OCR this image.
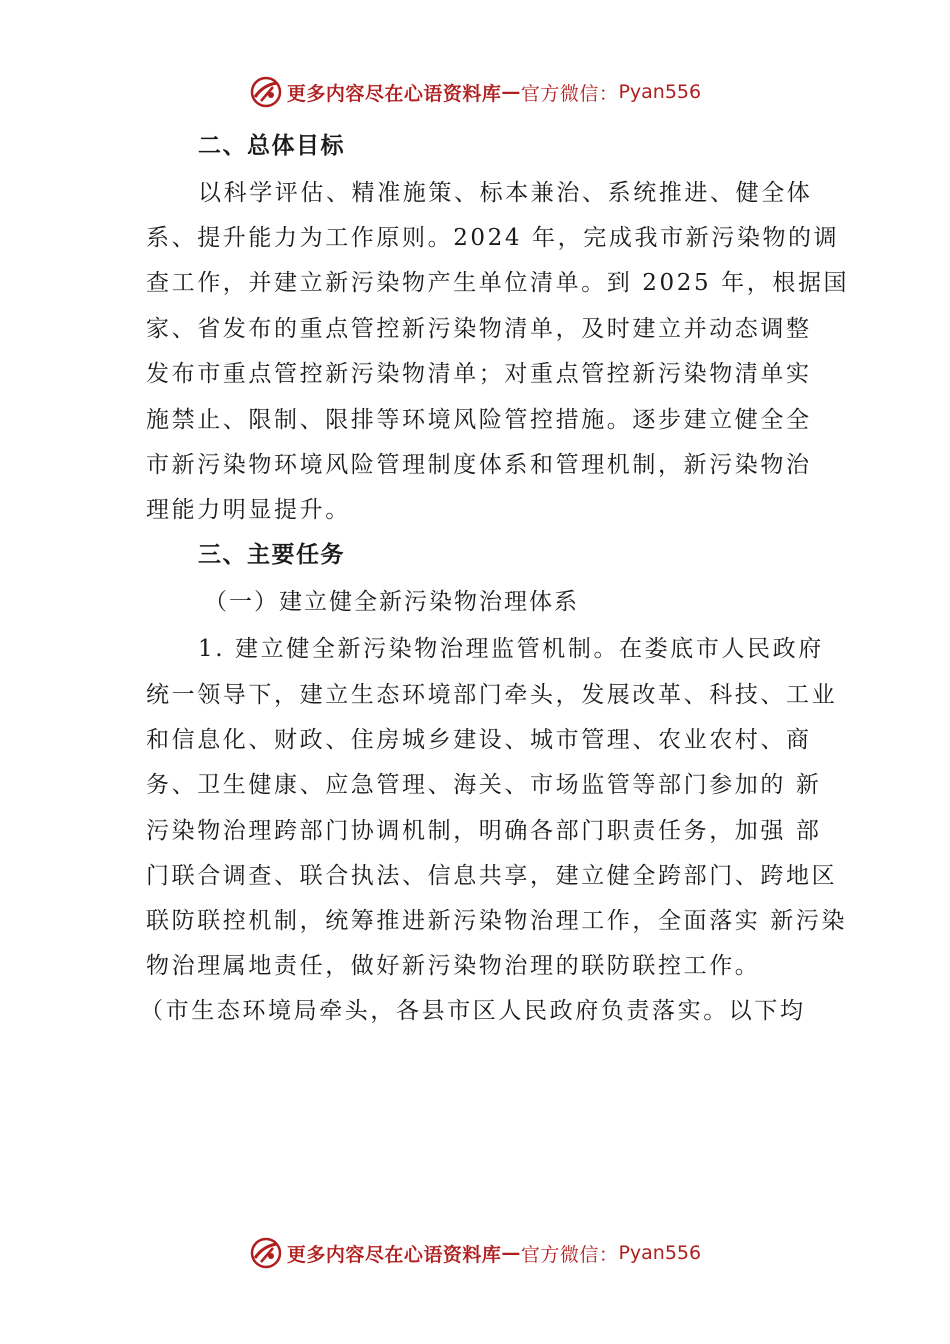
更多内容尽在心语资料库 — 官方微信： Pyan556
二、总体目标
以科学评估、精准施策、标本兼治、系统推进、健全体
系、提升能力为工作原则。2024 年，完成我市新污染物的调
查工作，并建立新污染物产生单位清单。到 2025 年，根据国
家、省发布的重点管控新污染物清单，及时建立并动态调整
发布市重点管控新污染物清单；对重点管控新污染物清单实
施禁止、限制、限排等环境风险管控措施。逐步建立健全全
市新污染物环境风险管理制度体系和管理机制，新污染物治
理能力明显提升。
三、主要任务
（一）建立健全新污染物治理体系
1. 建立健全新污染物治理监管机制。在娄底市人民政府
统一领导下，建立生态环境部门牵头，发展改革、科技、工业
和信息化、财政、住房城乡建设、城市管理、农业农村、商
务、卫生健康、应急管理、海关、市场监管等部门参加的 新
污染物治理跨部门协调机制，明确各部门职责任务，加强 部
门联合调查、联合执法、信息共享，建立健全跨部门、跨地区
联防联控机制，统筹推进新污染物治理工作，全面落实 新污染
物治理属地责任，做好新污染物治理的联防联控工作。
（市生态环境局牵头，各县市区人民政府负责落实。以下均
更多内容尽在心语资料库 — 官方微信： Pyan556
